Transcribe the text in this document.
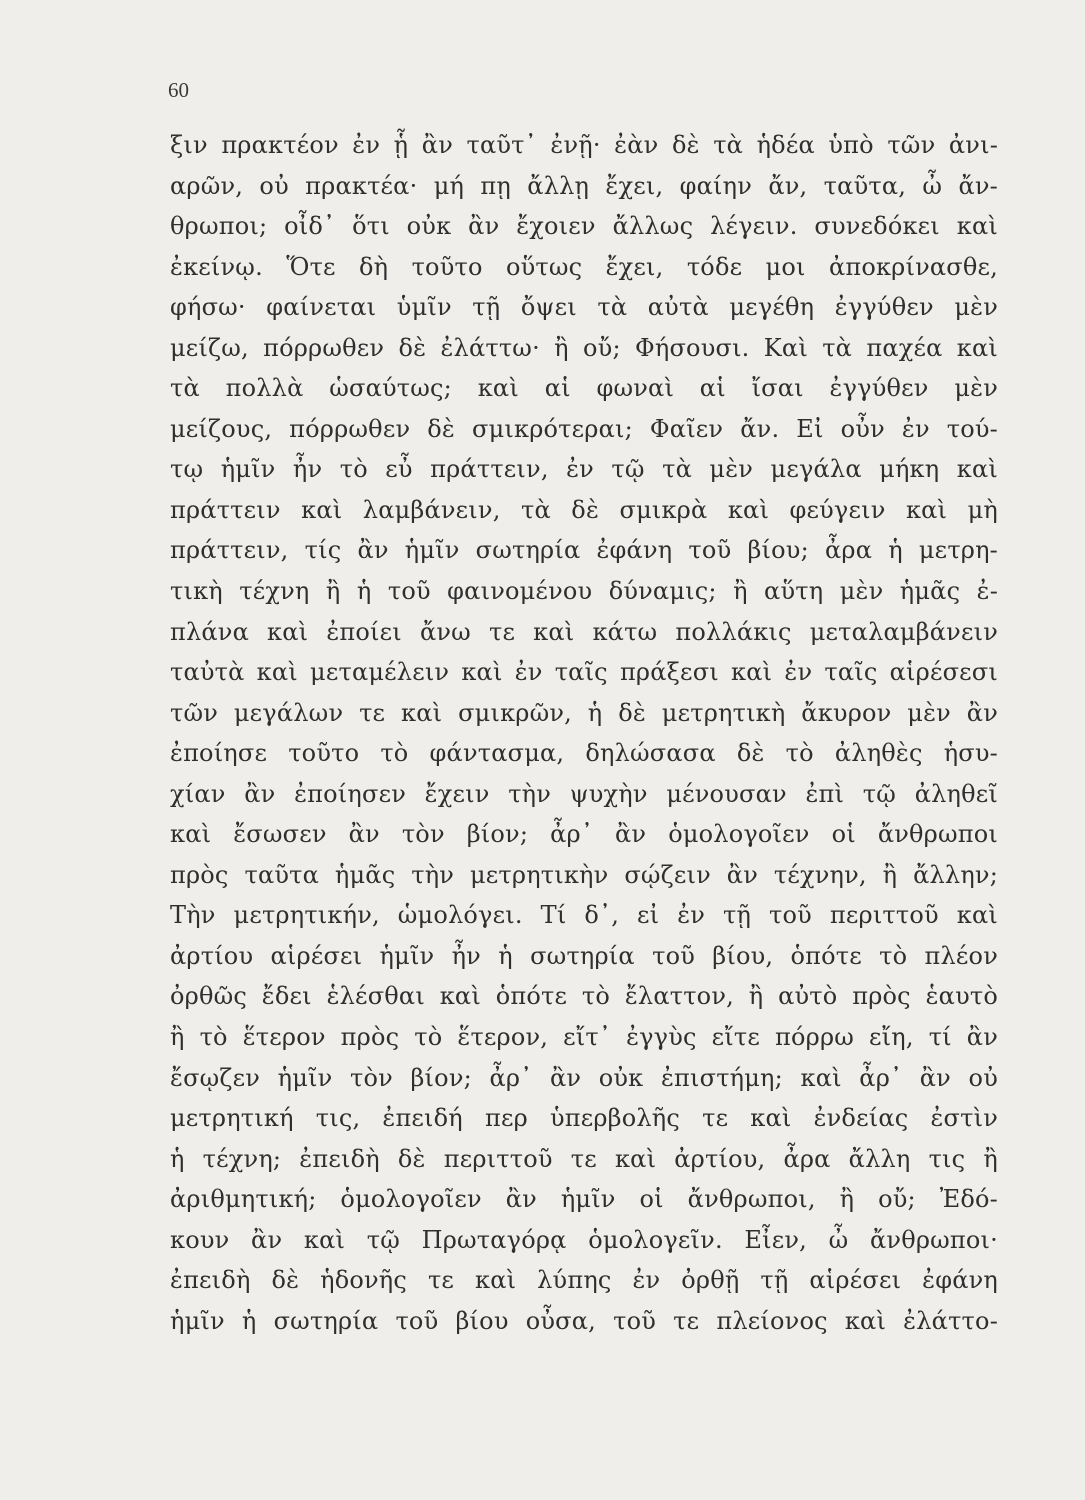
60
ξιν πρακτέον ἐν ᾗ ἂν ταῦτ᾽ ἐνῇ· ἐὰν δὲ τὰ ἡδέα ὑπὸ τῶν ἀνι-
αρῶν, οὐ πρακτέα· μή πῃ ἄλλῃ ἔχει, φαίην ἄν, ταῦτα, ὦ ἄν-
θρωποι; οἶδ᾽ ὅτι οὐκ ἂν ἔχοιεν ἄλλως λέγειν. συνεδόκει καὶ
ἐκείνῳ. Ὅτε δὴ τοῦτο οὕτως ἔχει, τόδε μοι ἀποκρίνασθε,
φήσω· φαίνεται ὑμῖν τῇ ὄψει τὰ αὐτὰ μεγέθη ἐγγύθεν μὲν
μείζω, πόρρωθεν δὲ ἐλάττω· ἢ οὔ; Φήσουσι. Καὶ τὰ παχέα καὶ
τὰ πολλὰ ὡσαύτως; καὶ αἱ φωναὶ αἱ ἴσαι ἐγγύθεν μὲν
μείζους, πόρρωθεν δὲ σμικρότεραι; Φαῖεν ἄν. Εἰ οὖν ἐν τού-
τῳ ἡμῖν ἦν τὸ εὖ πράττειν, ἐν τῷ τὰ μὲν μεγάλα μήκη καὶ
πράττειν καὶ λαμβάνειν, τὰ δὲ σμικρὰ καὶ φεύγειν καὶ μὴ
πράττειν, τίς ἂν ἡμῖν σωτηρία ἐφάνη τοῦ βίου; ἆρα ἡ μετρη-
τικὴ τέχνη ἢ ἡ τοῦ φαινομένου δύναμις; ἢ αὕτη μὲν ἡμᾶς ἐ-
πλάνα καὶ ἐποίει ἄνω τε καὶ κάτω πολλάκις μεταλαμβάνειν
ταὐτὰ καὶ μεταμέλειν καὶ ἐν ταῖς πράξεσι καὶ ἐν ταῖς αἱρέσεσι
τῶν μεγάλων τε καὶ σμικρῶν, ἡ δὲ μετρητικὴ ἄκυρον μὲν ἂν
ἐποίησε τοῦτο τὸ φάντασμα, δηλώσασα δὲ τὸ ἀληθὲς ἡσυ-
χίαν ἂν ἐποίησεν ἔχειν τὴν ψυχὴν μένουσαν ἐπὶ τῷ ἀληθεῖ
καὶ ἔσωσεν ἂν τὸν βίον; ἆρ᾽ ἂν ὁμολογοῖεν οἱ ἄνθρωποι
πρὸς ταῦτα ἡμᾶς τὴν μετρητικὴν σῴζειν ἂν τέχνην, ἢ ἄλλην;
Τὴν μετρητικήν, ὡμολόγει. Τί δ᾽, εἰ ἐν τῇ τοῦ περιττοῦ καὶ
ἀρτίου αἱρέσει ἡμῖν ἦν ἡ σωτηρία τοῦ βίου, ὁπότε τὸ πλέον
ὀρθῶς ἔδει ἑλέσθαι καὶ ὁπότε τὸ ἔλαττον, ἢ αὐτὸ πρὸς ἑαυτὸ
ἢ τὸ ἕτερον πρὸς τὸ ἕτερον, εἴτ᾽ ἐγγὺς εἴτε πόρρω εἴη, τί ἂν
ἔσῳζεν ἡμῖν τὸν βίον; ἆρ᾽ ἂν οὐκ ἐπιστήμη; καὶ ἆρ᾽ ἂν οὐ
μετρητική τις, ἐπειδή περ ὑπερβολῆς τε καὶ ἐνδείας ἐστὶν
ἡ τέχνη; ἐπειδὴ δὲ περιττοῦ τε καὶ ἀρτίου, ἆρα ἄλλη τις ἢ
ἀριθμητική; ὁμολογοῖεν ἂν ἡμῖν οἱ ἄνθρωποι, ἢ οὔ; Ἐδό-
κουν ἂν καὶ τῷ Πρωταγόρᾳ ὁμολογεῖν. Εἶεν, ὦ ἄνθρωποι·
ἐπειδὴ δὲ ἡδονῆς τε καὶ λύπης ἐν ὀρθῇ τῇ αἱρέσει ἐφάνη
ἡμῖν ἡ σωτηρία τοῦ βίου οὖσα, τοῦ τε πλείονος καὶ ἐλάττο-
